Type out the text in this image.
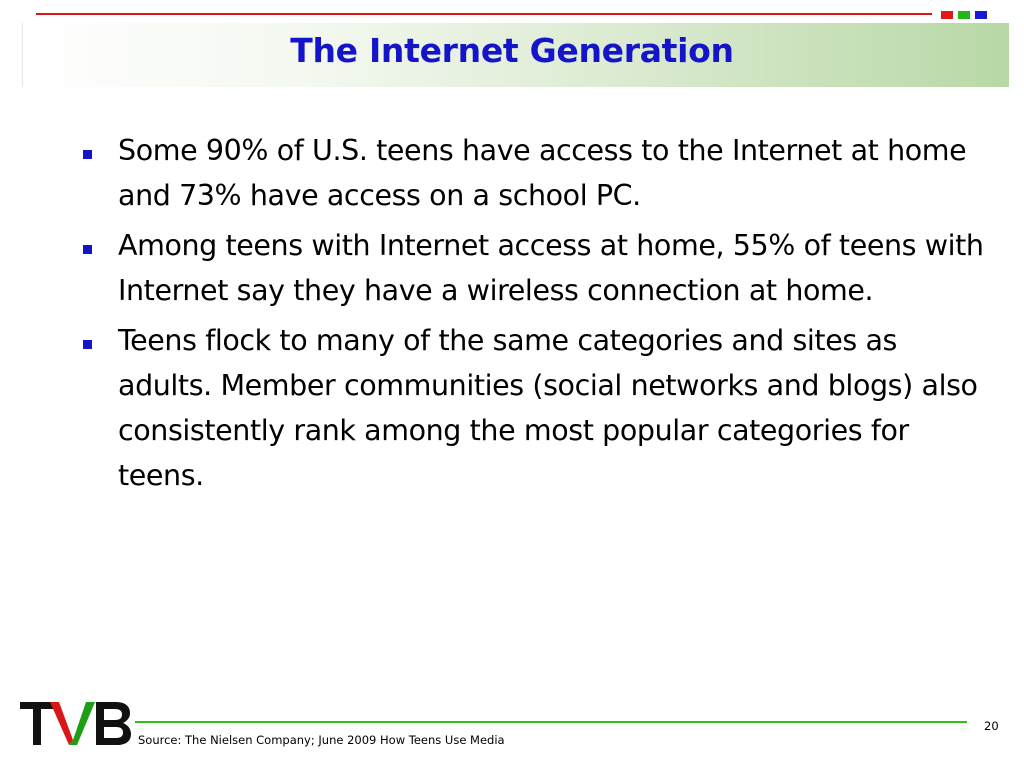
The Internet Generation
Some 90% of U.S. teens have access to the Internet at home and 73% have access on a school PC.
Among teens with Internet access at home, 55% of teens with Internet say they have a wireless connection at home.
Teens flock to many of the same categories and sites as adults. Member communities (social networks and blogs) also consistently rank among the most popular categories for teens.
Source: The Nielsen Company; June 2009 How Teens Use Media
20
